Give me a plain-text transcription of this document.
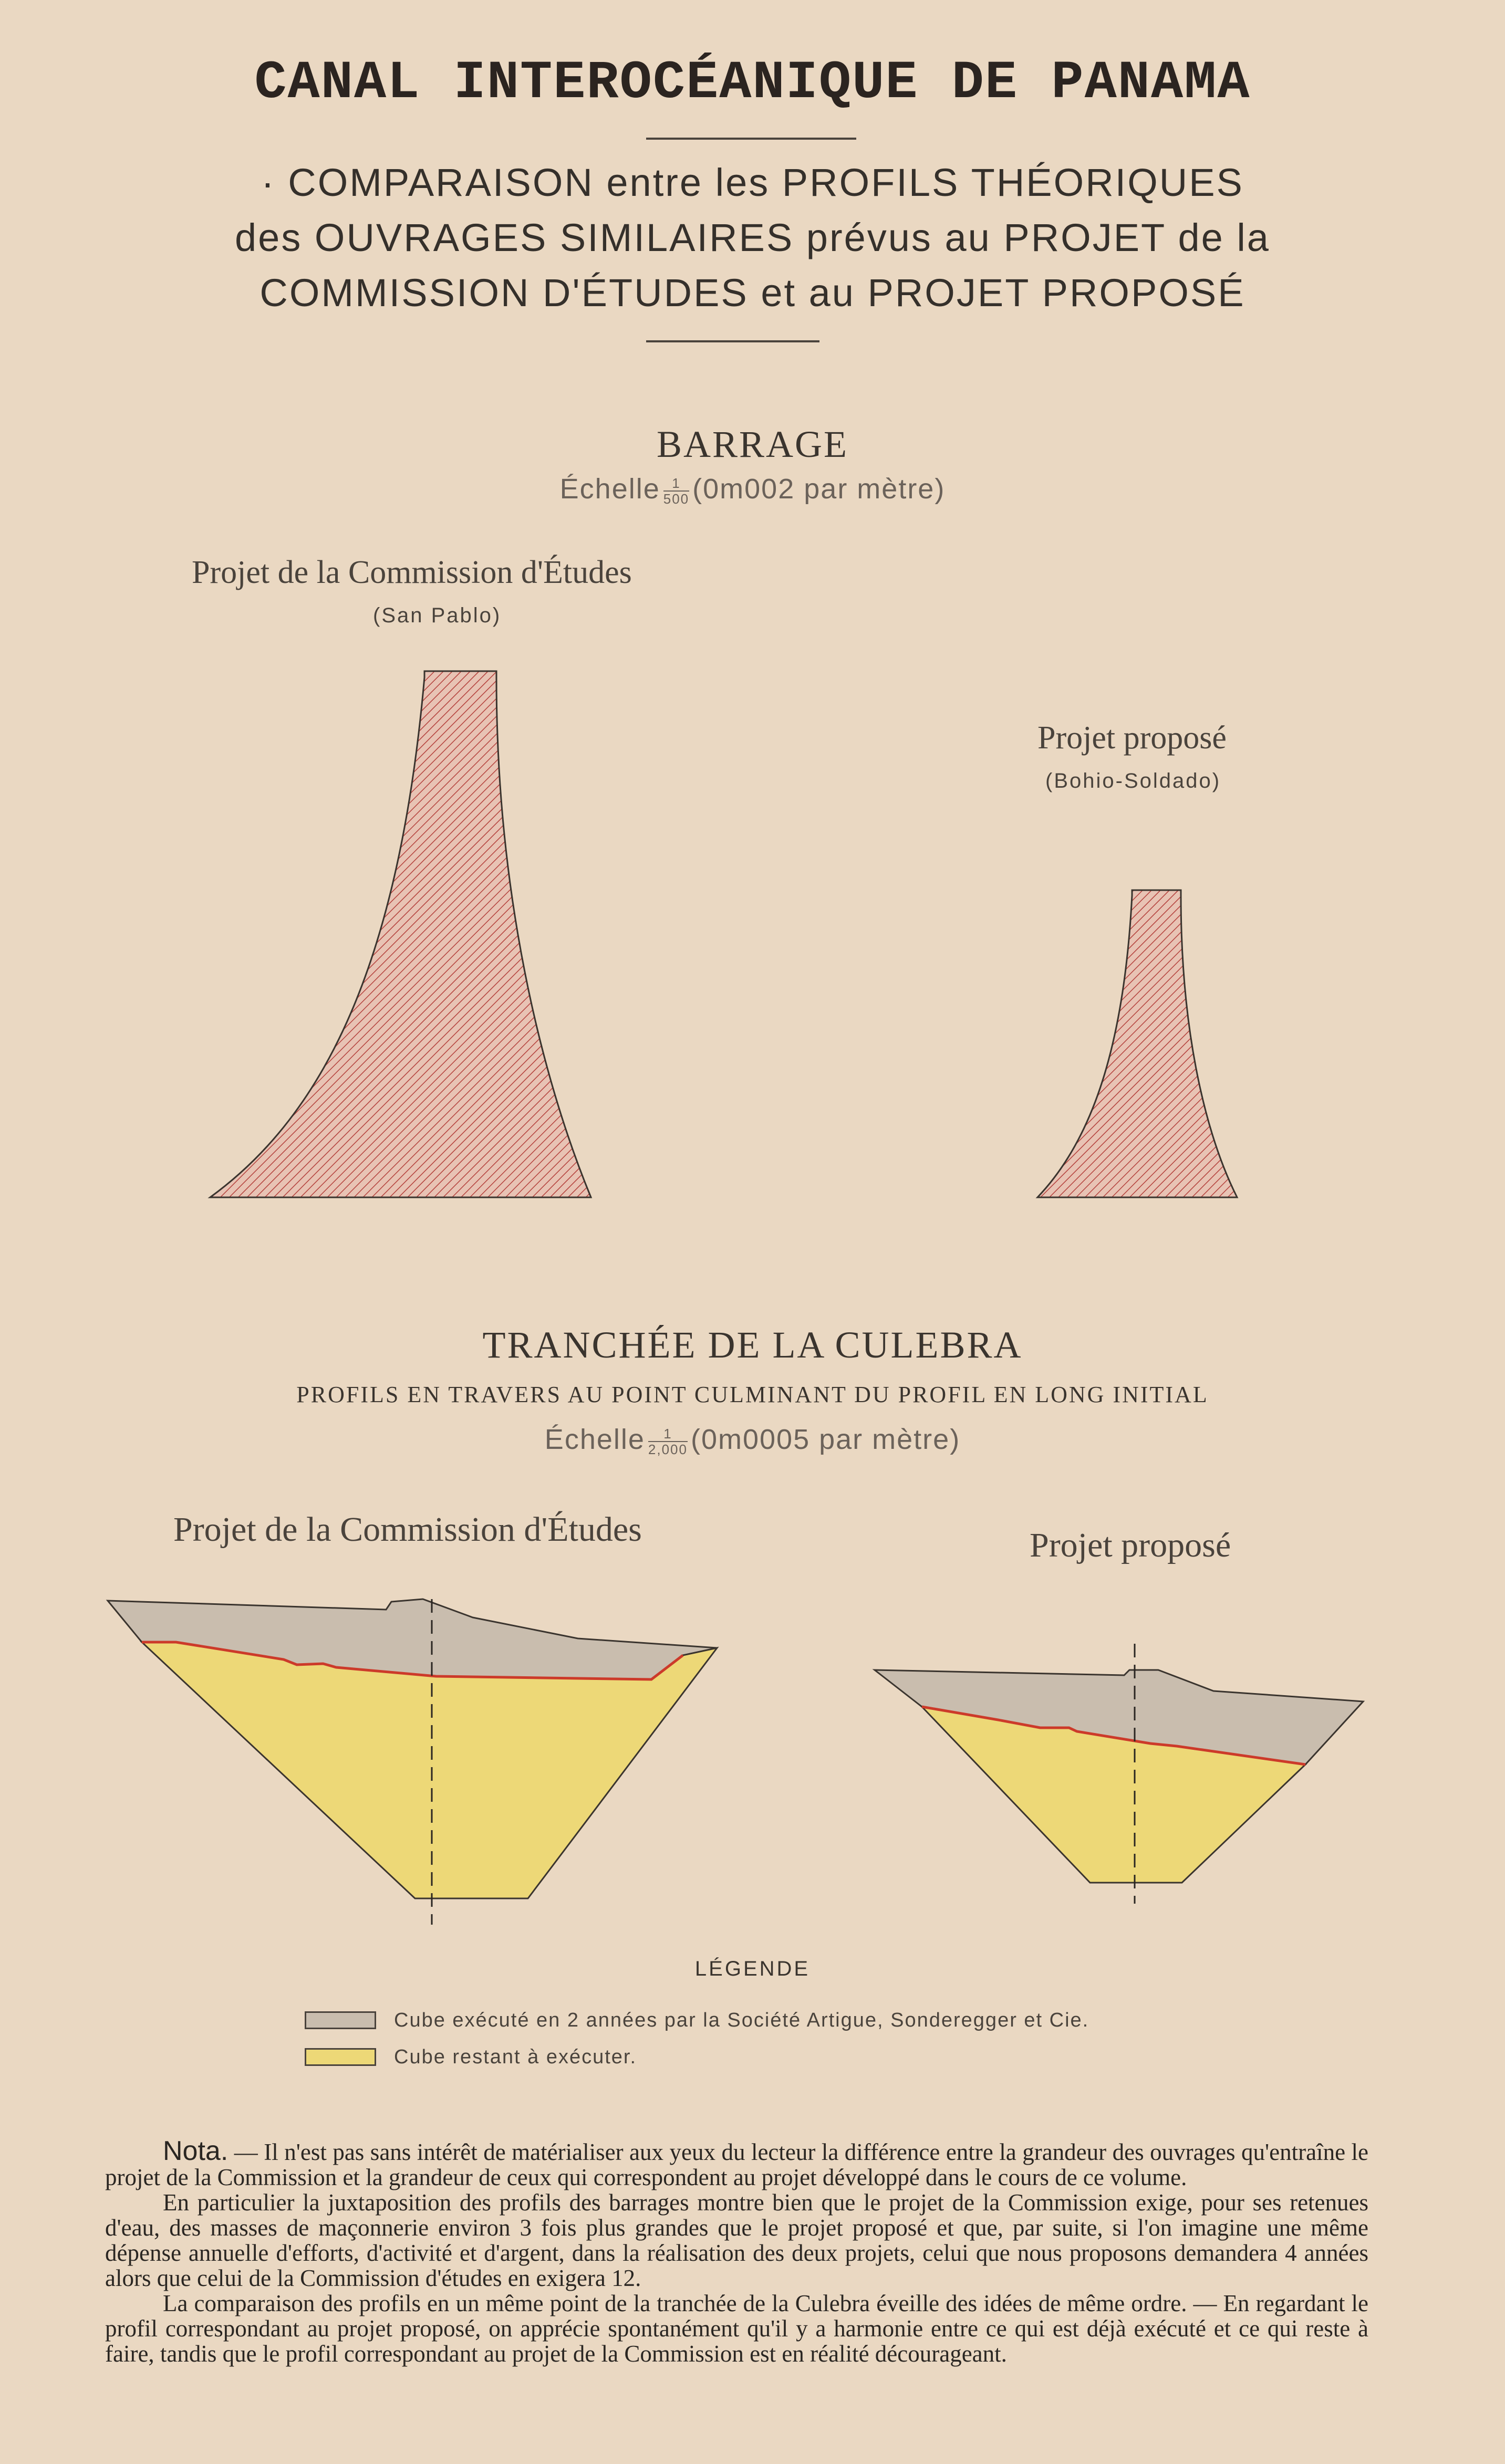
CANAL INTEROCÉANIQUE DE PANAMA
· COMPARAISON entre les PROFILS THÉORIQUES
des OUVRAGES SIMILAIRES prévus au PROJET de la
COMMISSION D'ÉTUDES et au PROJET PROPOSÉ
BARRAGE
Échelle $\frac{1}{500} (0m002$ par mètre)
Projet de la Commission d'Études
(San Pablo)
Projet proposé
(Bohio-Soldado)
TRANCHÉE DE LA CULEBRA
PROFILS EN TRAVERS AU POINT CULMINANT DU PROFIL EN LONG INITIAL
Échelle $\frac{1}{2,000} (0m0005$ par mètre)
Projet de la Commission d'Études	Projet proposé
LÉGENDE
Cube exécuté en 2 années par la Société Artigue, Sonderegger et Cie.
Cube restant à exécuter.

Nota. — Il n'est pas sans intérêt de matérialiser aux yeux du lecteur la différence entre la grandeur des ouvrages qu'entraîne le projet de la Commission et la grandeur de ceux qui correspondent au projet développé dans le cours de ce volume.

En particulier la juxtaposition des profils des barrages montre bien que le projet de la Commission exige, pour ses retenues d'eau, des masses de maçonnerie environ 3 fois plus grandes que le projet proposé et que, par suite, si l'on imagine une même dépense annuelle d'efforts, d'activité et d'argent, dans la réalisation des deux projets, celui que nous proposons demandera 4 années alors que celui de la Commission d'études en exigera 12.

La comparaison des profils en un même point de la tranchée de la Culebra éveille des idées de même ordre. — En regardant le profil correspondant au projet proposé, on apprécie spontanément qu'il y a harmonie entre ce qui est déjà exécuté et ce qui reste à faire, tandis que le profil correspondant au projet de la Commission est en réalité décourageant.
